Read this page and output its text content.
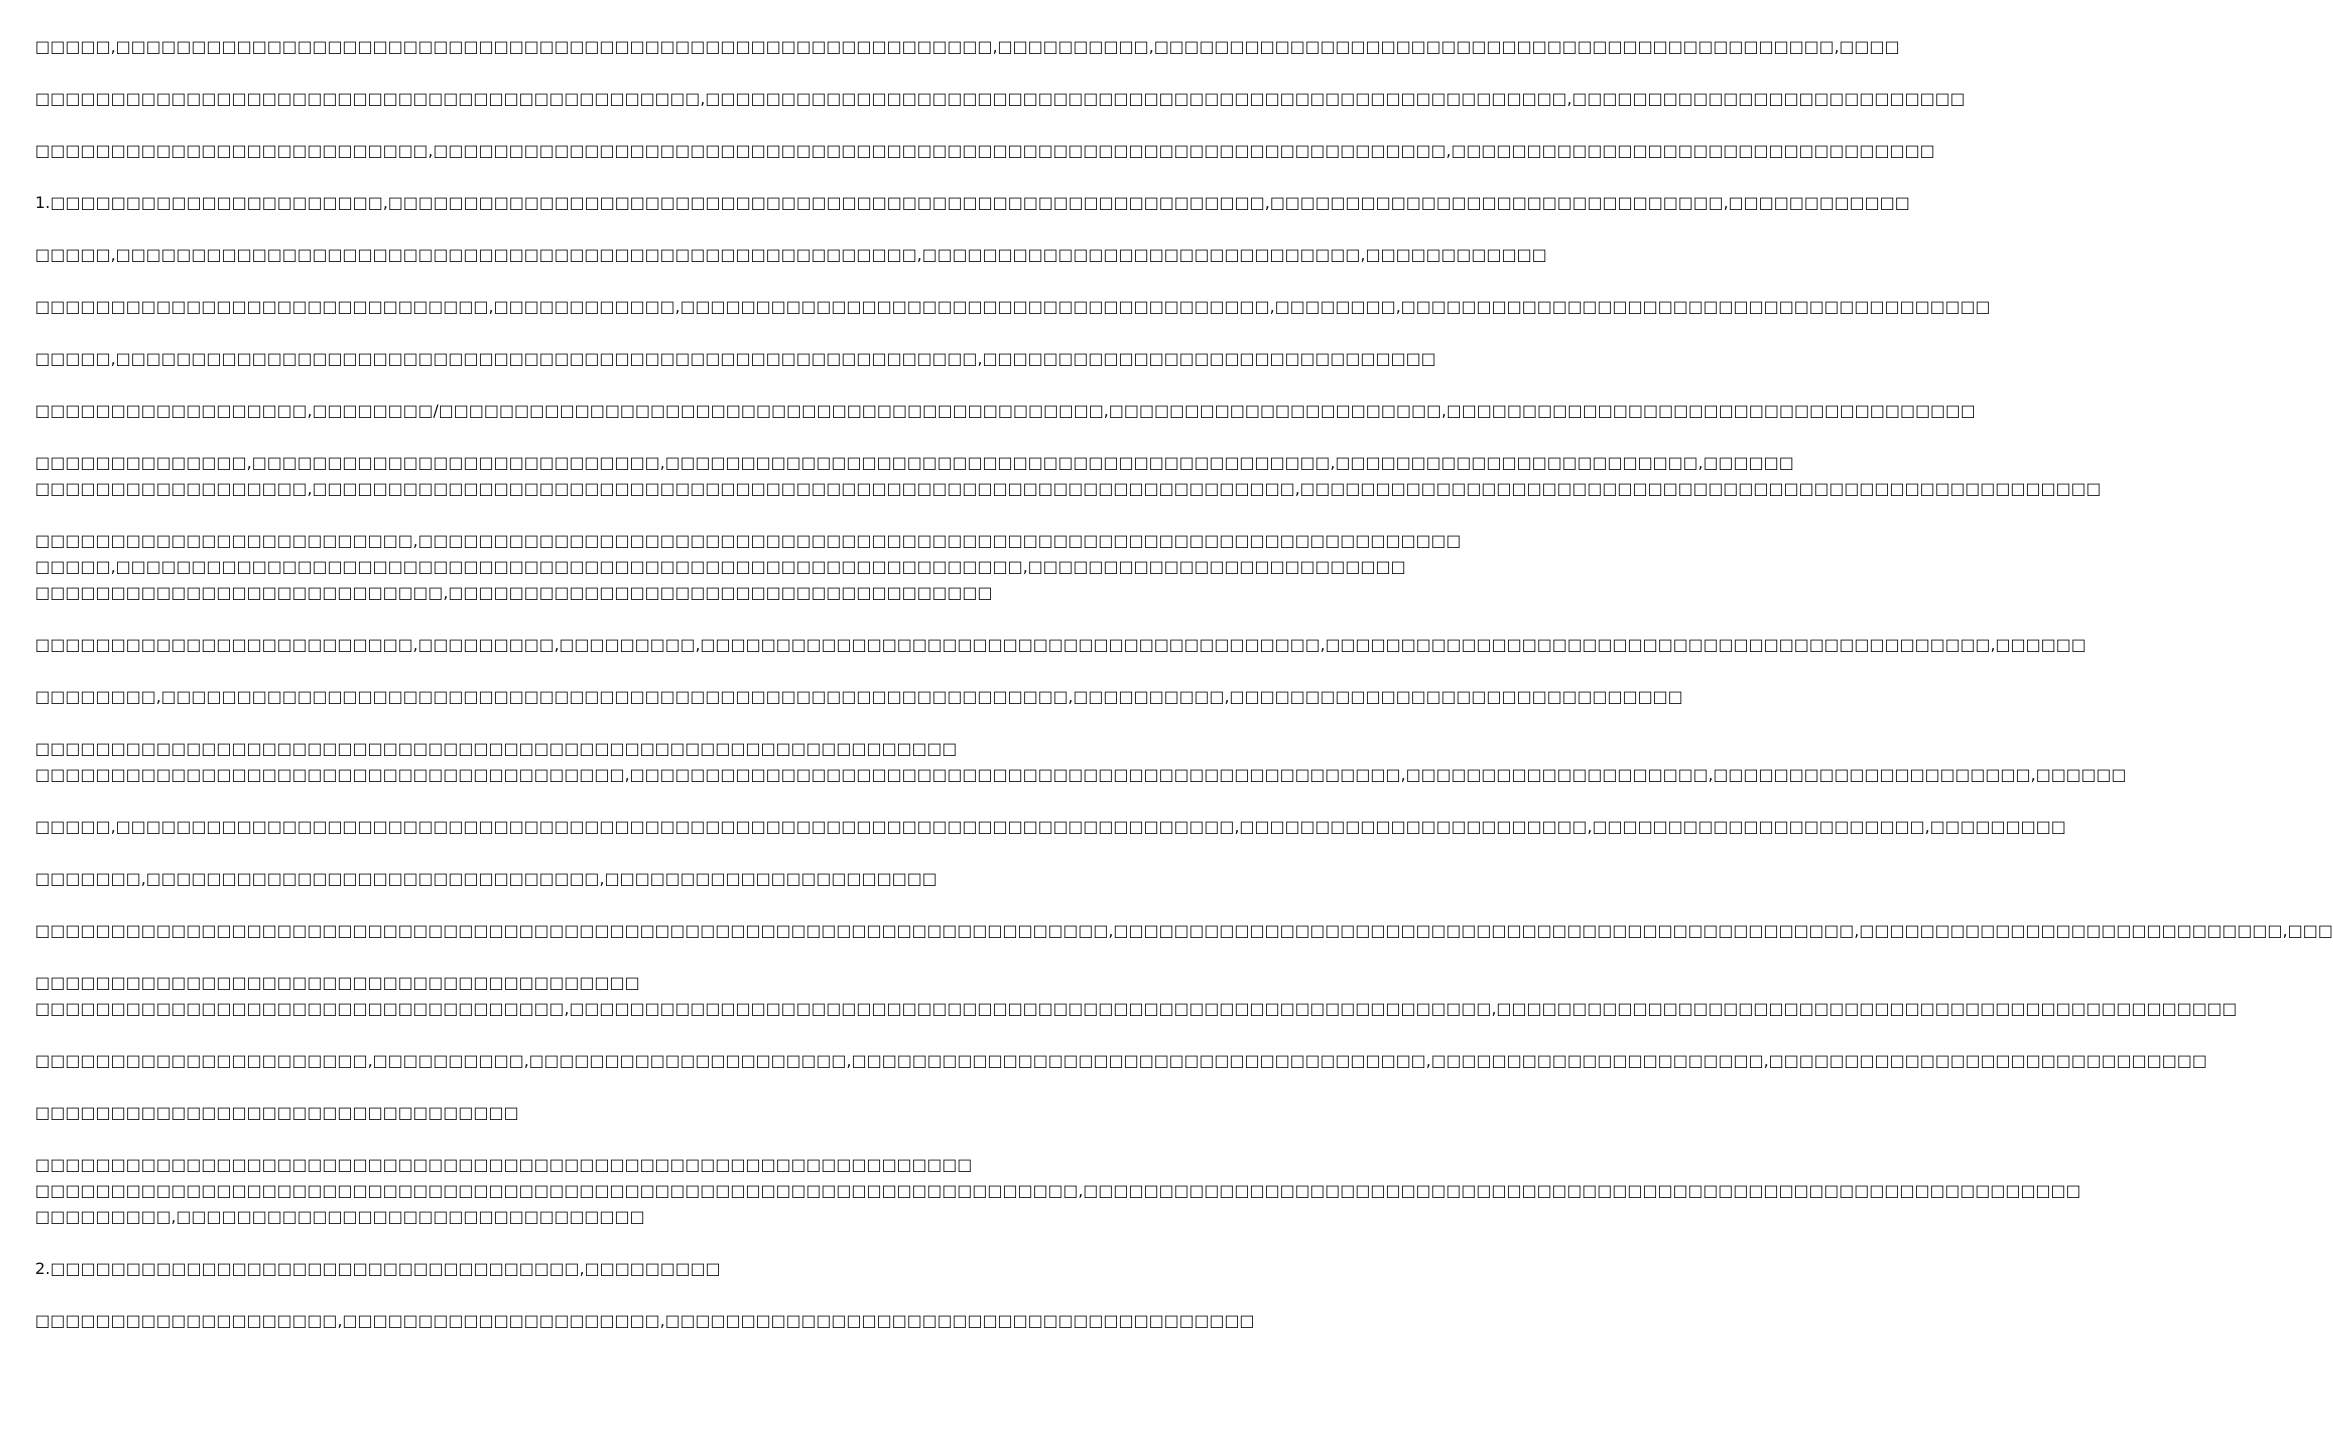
□□□□□,□□□□□□□□□□□□□□□□□□□□□□□□□□□□□□□□□□□□□□□□□□□□□□□□□□□□□□□□□□,□□□□□□□□□□,□□□□□□□□□□□□□□□□□□□□□□□□□□□□□□□□□□□□□□□□□□□□□,□□□□
□□□□□□□□□□□□□□□□□□□□□□□□□□□□□□□□□□□□□□□□□□□□,□□□□□□□□□□□□□□□□□□□□□□□□□□□□□□□□□□□□□□□□□□□□□□□□□□□□□□□□□,□□□□□□□□□□□□□□□□□□□□□□□□□□
□□□□□□□□□□□□□□□□□□□□□□□□□□,□□□□□□□□□□□□□□□□□□□□□□□□□□□□□□□□□□□□□□□□□□□□□□□□□□□□□□□□□□□□□□□□□□□,□□□□□□□□□□□□□□□□□□□□□□□□□□□□□□□□
1.□□□□□□□□□□□□□□□□□□□□□□,□□□□□□□□□□□□□□□□□□□□□□□□□□□□□□□□□□□□□□□□□□□□□□□□□□□□□□□□□□,□□□□□□□□□□□□□□□□□□□□□□□□□□□□□□,□□□□□□□□□□□□
□□□□□,□□□□□□□□□□□□□□□□□□□□□□□□□□□□□□□□□□□□□□□□□□□□□□□□□□□□□,□□□□□□□□□□□□□□□□□□□□□□□□□□□□□,□□□□□□□□□□□□
□□□□□□□□□□□□□□□□□□□□□□□□□□□□□□,□□□□□□□□□□□□,□□□□□□□□□□□□□□□□□□□□□□□□□□□□□□□□□□□□□□□,□□□□□□□□,□□□□□□□□□□□□□□□□□□□□□□□□□□□□□□□□□□□□□□□
□□□□□,□□□□□□□□□□□□□□□□□□□□□□□□□□□□□□□□□□□□□□□□□□□□□□□□□□□□□□□□□,□□□□□□□□□□□□□□□□□□□□□□□□□□□□□□
□□□□□□□□□□□□□□□□□□,□□□□□□□□/□□□□□□□□□□□□□□□□□□□□□□□□□□□□□□□□□□□□□□□□□□□□,□□□□□□□□□□□□□□□□□□□□□□,□□□□□□□□□□□□□□□□□□□□□□□□□□□□□□□□□□□
□□□□□□□□□□□□□□,□□□□□□□□□□□□□□□□□□□□□□□□□□□,□□□□□□□□□□□□□□□□□□□□□□□□□□□□□□□□□□□□□□□□□□□□,□□□□□□□□□□□□□□□□□□□□□□□□,□□□□□□
□□□□□□□□□□□□□□□□□□,□□□□□□□□□□□□□□□□□□□□□□□□□□□□□□□□□□□□□□□□□□□□□□□□□□□□□□□□□□□□□□□□□,□□□□□□□□□□□□□□□□□□□□□□□□□□□□□□□□□□□□□□□□□□□□□□□□□□□□□
□□□□□□□□□□□□□□□□□□□□□□□□□,□□□□□□□□□□□□□□□□□□□□□□□□□□□□□□□□□□□□□□□□□□□□□□□□□□□□□□□□□□□□□□□□□□□□□
□□□□□,□□□□□□□□□□□□□□□□□□□□□□□□□□□□□□□□□□□□□□□□□□□□□□□□□□□□□□□□□□□□,□□□□□□□□□□□□□□□□□□□□□□□□□
□□□□□□□□□□□□□□□□□□□□□□□□□□□,□□□□□□□□□□□□□□□□□□□□□□□□□□□□□□□□□□□□
□□□□□□□□□□□□□□□□□□□□□□□□□,□□□□□□□□□,□□□□□□□□□,□□□□□□□□□□□□□□□□□□□□□□□□□□□□□□□□□□□□□□□□□,□□□□□□□□□□□□□□□□□□□□□□□□□□□□□□□□□□□□□□□□□□□□,□□□□□□
□□□□□□□□,□□□□□□□□□□□□□□□□□□□□□□□□□□□□□□□□□□□□□□□□□□□□□□□□□□□□□□□□□□□□,□□□□□□□□□□,□□□□□□□□□□□□□□□□□□□□□□□□□□□□□□
□□□□□□□□□□□□□□□□□□□□□□□□□□□□□□□□□□□□□□□□□□□□□□□□□□□□□□□□□□□□□
□□□□□□□□□□□□□□□□□□□□□□□□□□□□□□□□□□□□□□□,□□□□□□□□□□□□□□□□□□□□□□□□□□□□□□□□□□□□□□□□□□□□□□□□□□□,□□□□□□□□□□□□□□□□□□□□,□□□□□□□□□□□□□□□□□□□□□,□□□□□□
□□□□□,□□□□□□□□□□□□□□□□□□□□□□□□□□□□□□□□□□□□□□□□□□□□□□□□□□□□□□□□□□□□□□□□□□□□□□□□□□,□□□□□□□□□□□□□□□□□□□□□□□,□□□□□□□□□□□□□□□□□□□□□□,□□□□□□□□□
□□□□□□□,□□□□□□□□□□□□□□□□□□□□□□□□□□□□□□,□□□□□□□□□□□□□□□□□□□□□□
□□□□□□□□□□□□□□□□□□□□□□□□□□□□□□□□□□□□□□□□□□□□□□□□□□□□□□□□□□□□□□□□□□□□□□□,□□□□□□□□□□□□□□□□□□□□□□□□□□□□□□□□□□□□□□□□□□□□□□□□□,□□□□□□□□□□□□□□□□□□□□□□□□□□□□,□□□
□□□□□□□□□□□□□□□□□□□□□□□□□□□□□□□□□□□□□□□□
□□□□□□□□□□□□□□□□□□□□□□□□□□□□□□□□□□□,□□□□□□□□□□□□□□□□□□□□□□□□□□□□□□□□□□□□□□□□□□□□□□□□□□□□□□□□□□□□□,□□□□□□□□□□□□□□□□□□□□□□□□□□□□□□□□□□□□□□□□□□□□□□□□□
□□□□□□□□□□□□□□□□□□□□□□,□□□□□□□□□□,□□□□□□□□□□□□□□□□□□□□□,□□□□□□□□□□□□□□□□□□□□□□□□□□□□□□□□□□□□□□,□□□□□□□□□□□□□□□□□□□□□□,□□□□□□□□□□□□□□□□□□□□□□□□□□□□□
□□□□□□□□□□□□□□□□□□□□□□□□□□□□□□□□
□□□□□□□□□□□□□□□□□□□□□□□□□□□□□□□□□□□□□□□□□□□□□□□□□□□□□□□□□□□□□□
□□□□□□□□□□□□□□□□□□□□□□□□□□□□□□□□□□□□□□□□□□□□□□□□□□□□□□□□□□□□□□□□□□□□□,□□□□□□□□□□□□□□□□□□□□□□□□□□□□□□□□□□□□□□□□□□□□□□□□□□□□□□□□□□□□□□□□□□
□□□□□□□□□,□□□□□□□□□□□□□□□□□□□□□□□□□□□□□□□
2.□□□□□□□□□□□□□□□□□□□□□□□□□□□□□□□□□□□,□□□□□□□□□
□□□□□□□□□□□□□□□□□□□□,□□□□□□□□□□□□□□□□□□□□□,□□□□□□□□□□□□□□□□□□□□□□□□□□□□□□□□□□□□□□□
